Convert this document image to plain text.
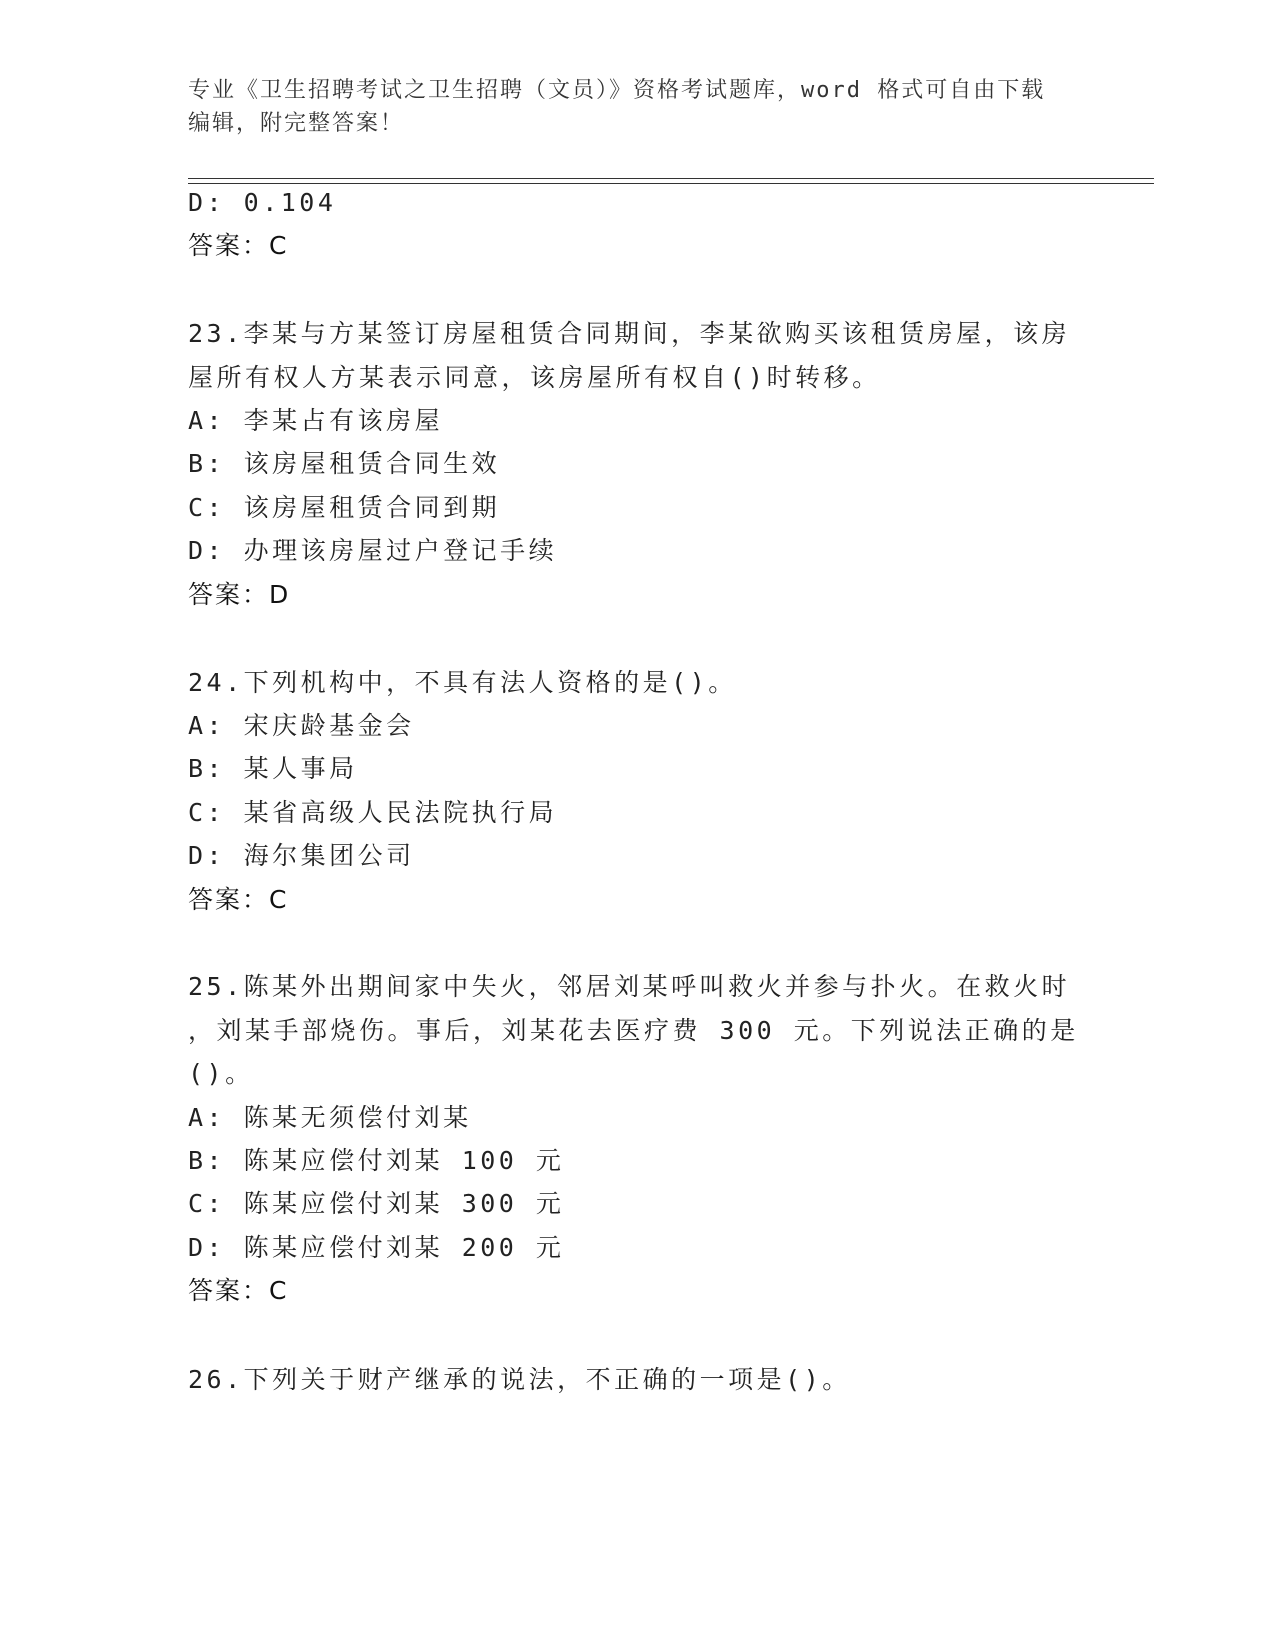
专业《卫生招聘考试之卫生招聘（文员）》资格考试题库，word 格式可自由下载
编辑，附完整答案！
D: 0.104
答案：C
23.李某与方某签订房屋租赁合同期间，李某欲购买该租赁房屋，该房
屋所有权人方某表示同意，该房屋所有权自()时转移。
A: 李某占有该房屋
B: 该房屋租赁合同生效
C: 该房屋租赁合同到期
D: 办理该房屋过户登记手续
答案：D
24.下列机构中，不具有法人资格的是()。
A: 宋庆龄基金会
B: 某人事局
C: 某省高级人民法院执行局
D: 海尔集团公司
答案：C
25.陈某外出期间家中失火，邻居刘某呼叫救火并参与扑火。在救火时
，刘某手部烧伤。事后，刘某花去医疗费 300 元。下列说法正确的是
()。
A: 陈某无须偿付刘某
B: 陈某应偿付刘某 100 元
C: 陈某应偿付刘某 300 元
D: 陈某应偿付刘某 200 元
答案：C
26.下列关于财产继承的说法，不正确的一项是()。
